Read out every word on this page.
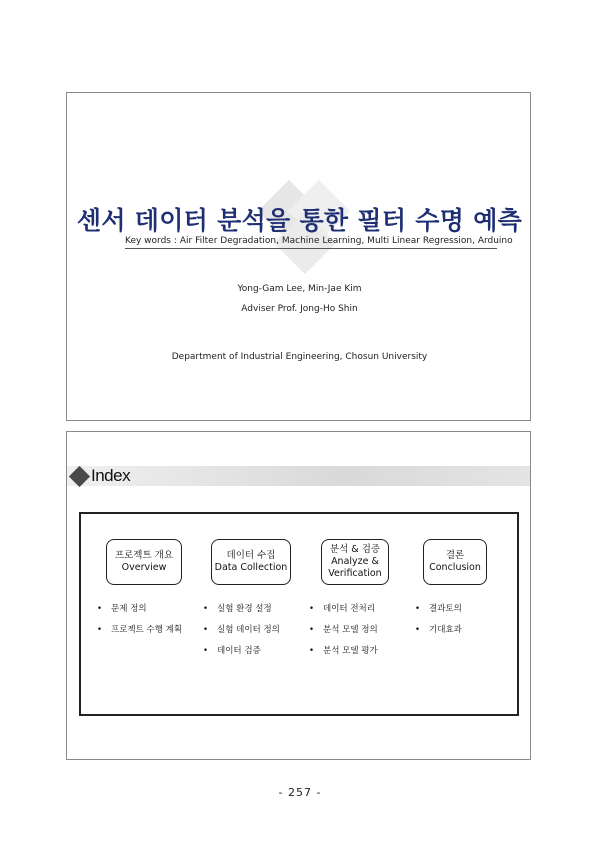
센서 데이터 분석을 통한 필터 수명 예측
Key words : Air Filter Degradation, Machine Learning, Multi Linear Regression, Arduino
Yong-Gam Lee, Min-Jae Kim
Adviser Prof. Jong-Ho Shin
Department of Industrial Engineering, Chosun University
Index
프로젝트 개요
Overview
• 문제 정의
• 프로젝트 수행 계획
데이터 수집
Data Collection
• 실험 환경 설정
• 실험 데이터 정의
• 데이터 검증
분석 & 검증
Analyze &
Verification
• 데이터 전처리
• 분석 모델 정의
• 분석 모델 평가
결론
Conclusion
• 결과토의
• 기대효과
- 257 -
